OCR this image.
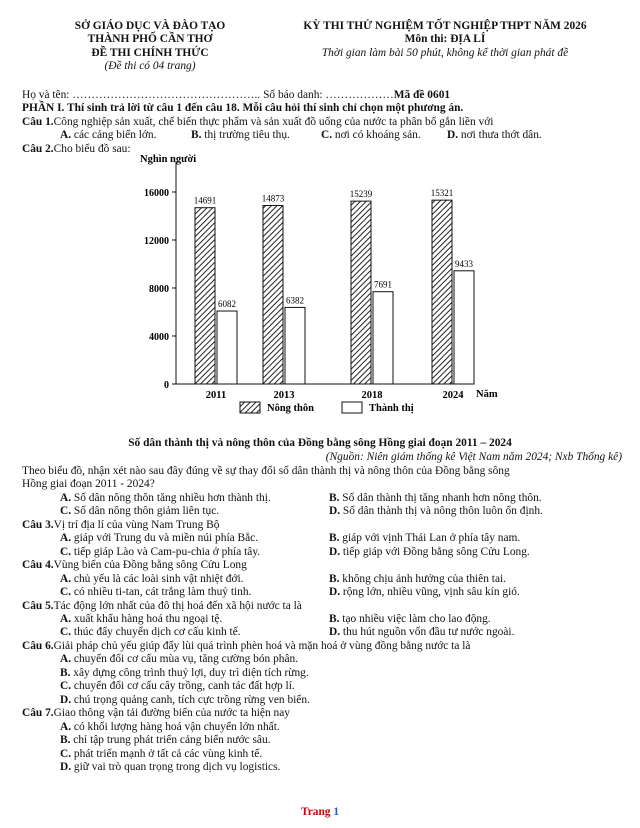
SỞ GIÁO DỤC VÀ ĐÀO TẠO
THÀNH PHỐ CẦN THƠ
ĐỀ THI CHÍNH THỨC
(Đề thi có 04 trang)
KỲ THI THỬ NGHIỆM TỐT NGHIỆP THPT NĂM 2026
Môn thi: ĐỊA LÍ
Thời gian làm bài 50 phút, không kể thời gian phát đề
Họ và tên: ………………………………………….. Số báo danh: ……………… Mã đề 0601
PHẦN I. Thí sinh trả lời từ câu 1 đến câu 18. Mỗi câu hỏi thí sinh chỉ chọn một phương án.
Câu 1. Công nghiệp sản xuất, chế biến thực phẩm và sản xuất đồ uống của nước ta phân bố gắn liền với
A. các cảng biển lớn.	B. thị trường tiêu thụ.	C. nơi có khoáng sản.	D. nơi thưa thớt dân.
Câu 2. Cho biểu đồ sau:
Nghìn người
Năm
0
4000
8000
12000
16000
14691
6082
2011
14873
6382
2013
15239
7691
2018
15321
9433
2024
Nông thôn	Thành thị
Số dân thành thị và nông thôn của Đồng bằng sông Hồng giai đoạn 2011 – 2024
(Nguồn: Niên giám thống kê Việt Nam năm 2024; Nxb Thống kê)
Theo biểu đồ, nhận xét nào sau đây đúng về sự thay đổi số dân thành thị và nông thôn của Đồng bằng sông
Hồng giai đoạn 2011 - 2024?
A. Số dân nông thôn tăng nhiều hơn thành thị.	B. Số dân thành thị tăng nhanh hơn nông thôn.
C. Số dân nông thôn giảm liên tục.	D. Số dân thành thị và nông thôn luôn ổn định.
Câu 3. Vị trí địa lí của vùng Nam Trung Bộ
A. giáp với Trung du và miền núi phía Bắc.	B. giáp với vịnh Thái Lan ở phía tây nam.
C. tiếp giáp Lào và Cam-pu-chia ở phía tây.	D. tiếp giáp với Đồng bằng sông Cửu Long.
Câu 4. Vùng biển của Đồng bằng sông Cửu Long
A. chủ yếu là các loài sinh vật nhiệt đới.	B. không chịu ảnh hưởng của thiên tai.
C. có nhiều ti-tan, cát trắng làm thuỷ tinh.	D. rộng lớn, nhiều vũng, vịnh sâu kín gió.
Câu 5. Tác động lớn nhất của đô thị hoá đến xã hội nước ta là
A. xuất khẩu hàng hoá thu ngoại tệ.	B. tạo nhiều việc làm cho lao động.
C. thúc đẩy chuyển dịch cơ cấu kinh tế.	D. thu hút nguồn vốn đầu tư nước ngoài.
Câu 6. Giải pháp chủ yếu giúp đẩy lùi quá trình phèn hoá và mặn hoá ở vùng đồng bằng nước ta là
A. chuyển đổi cơ cấu mùa vụ, tăng cường bón phân.
B. xây dựng công trình thuỷ lợi, duy trì diện tích rừng.
C. chuyển đổi cơ cấu cây trồng, canh tác đất hợp lí.
D. chú trọng quảng canh, tích cực trồng rừng ven biển.
Câu 7. Giao thông vận tải đường biển của nước ta hiện nay
A. có khối lượng hàng hoá vận chuyển lớn nhất.
B. chỉ tập trung phát triển cảng biển nước sâu.
C. phát triển mạnh ở tất cả các vùng kinh tế.
D. giữ vai trò quan trọng trong dịch vụ logistics.
Trang 1
